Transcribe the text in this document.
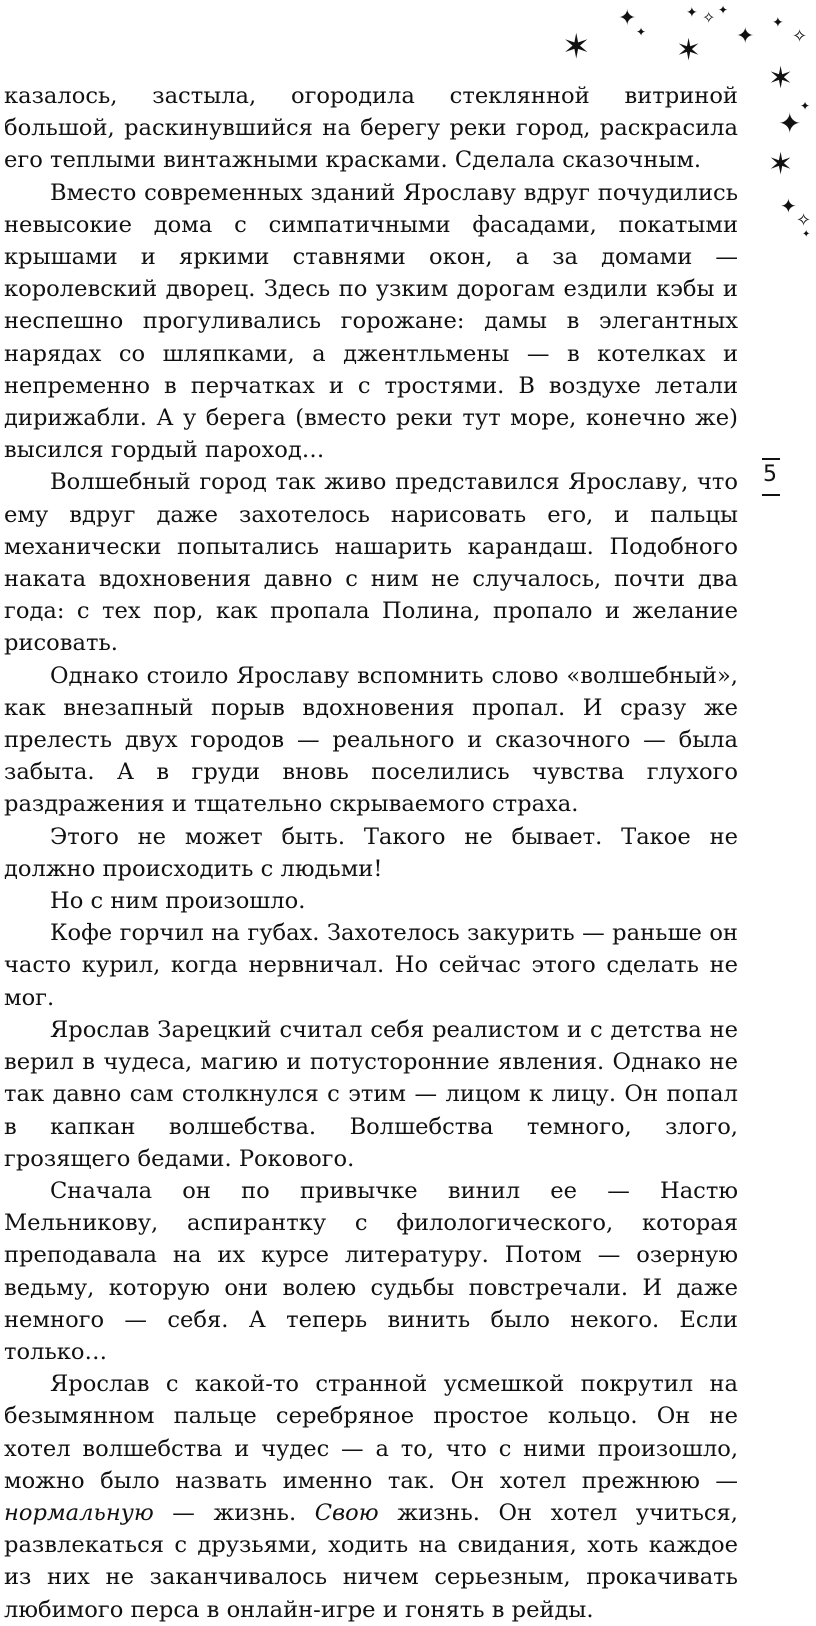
✶
✦
✦
✦ ✧ ✦
✶ ✦
✦
✧
✶
✦
✦
✶
✦
✧
✦
5

казалось, застыла, огородила стеклянной витриной большой, раскинувшийся на берегу реки город, раскрасила его теплыми винтажными красками. Сделала сказочным.

Вместо современных зданий Ярославу вдруг почудились невысокие дома с симпатичными фасадами, покатыми крышами и яркими ставнями окон, а за домами — королевский дворец. Здесь по узким дорогам ездили кэбы и неспешно прогуливались горожане: дамы в элегантных нарядах со шляпками, а джентльмены — в котелках и непременно в перчатках и с тростями. В воздухе летали дирижабли. А у берега (вместо реки тут море, конечно же) высился гордый пароход…

Волшебный город так живо представился Ярославу, что ему вдруг даже захотелось нарисовать его, и пальцы механически попытались нашарить карандаш. Подобного наката вдохновения давно с ним не случалось, почти два года: с тех пор, как пропала Полина, пропало и желание рисовать.

Однако стоило Ярославу вспомнить слово «волшебный», как внезапный порыв вдохновения пропал. И сразу же прелесть двух городов — реального и сказочного — была забыта. А в груди вновь поселились чувства глухого раздражения и тщательно скрываемого страха.

Этого не может быть. Такого не бывает. Такое не должно происходить с людьми!

Но с ним произошло.

Кофе горчил на губах. Захотелось закурить — раньше он часто курил, когда нервничал. Но сейчас этого сделать не мог.

Ярослав Зарецкий считал себя реалистом и с детства не верил в чудеса, магию и потусторонние явления. Однако не так давно сам столкнулся с этим — лицом к лицу. Он попал в капкан волшебства. Волшебства темного, злого, грозящего бедами. Рокового.

Сначала он по привычке винил ее — Настю Мельникову, аспирантку с филологического, которая преподавала на их курсе литературу. Потом — озерную ведьму, которую они волею судьбы повстречали. И даже немного — себя. А теперь винить было некого. Если только…

Ярослав с какой-то странной усмешкой покрутил на безымянном пальце серебряное простое кольцо. Он не хотел волшебства и чудес — а то, что с ними произошло, можно было назвать именно так. Он хотел прежнюю — нормальную — жизнь. Свою жизнь. Он хотел учиться, развлекаться с друзьями, ходить на свидания, хоть каждое из них не заканчивалось ничем серьезным, прокачивать любимого перса в онлайн-игре и гонять в рейды.
